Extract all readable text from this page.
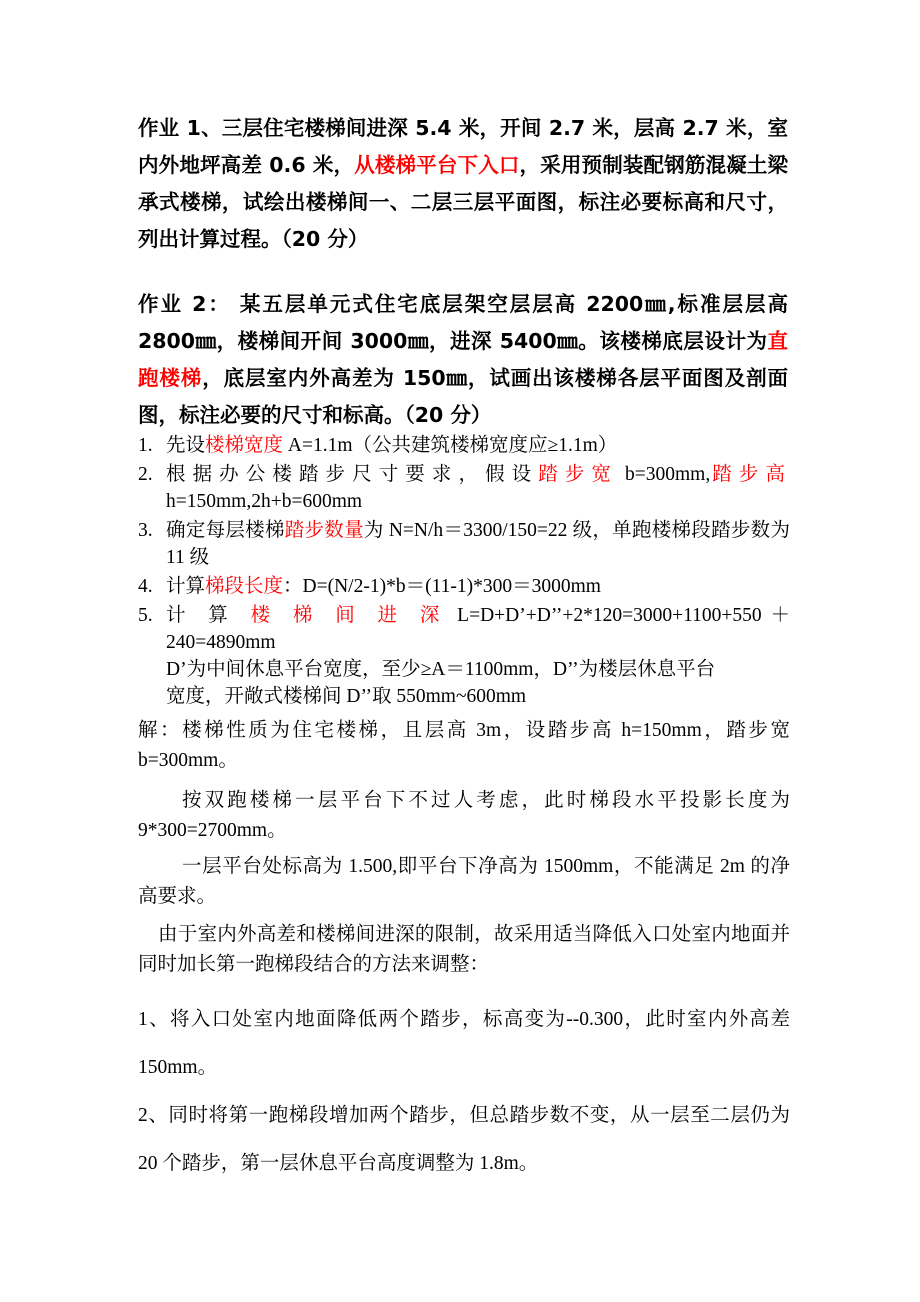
作业 1、三层住宅楼梯间进深 5.4 米，开间 2.7 米，层高 2.7 米，室内外地坪高差 0.6 米，从楼梯平台下入口，采用预制装配钢筋混凝土梁承式楼梯，试绘出楼梯间一、二层三层平面图，标注必要标高和尺寸，列出计算过程。（20 分）
作业 2： 某五层单元式住宅底层架空层层高 2200㎜,标准层层高 2800㎜，楼梯间开间 3000㎜，进深 5400㎜。该楼梯底层设计为直跑楼梯，底层室内外高差为 150㎜，试画出该楼梯各层平面图及剖面图，标注必要的尺寸和标高。（20 分）
1. 先设楼梯宽度 A=1.1m（公共建筑楼梯宽度应≥1.1m）
2. 根据办公楼踏步尺寸要求，假设踏步宽 b=300mm,踏步高 h=150mm,2h+b=600mm
3. 确定每层楼梯踏步数量为 N=N/h＝3300/150=22 级，单跑楼梯段踏步数为 11 级
4. 计算梯段长度：D=(N/2-1)*b＝(11-1)*300＝3000mm
5. 计 算 楼 梯 间 进 深 L=D+D’+D’’+2*120=3000+1100+550 ＋240=4890mm

D’为中间休息平台宽度，至少≥A＝1100mm，D’’为楼层休息平台

宽度，开敞式楼梯间 D’’取 550mm~600mm

解：楼梯性质为住宅楼梯，且层高 3m，设踏步高 h=150mm，踏步宽 b=300mm。

按双跑楼梯一层平台下不过人考虑，此时梯段水平投影长度为 9*300=2700mm。

一层平台处标高为 1.500,即平台下净高为 1500mm，不能满足 2m 的净高要求。

由于室内外高差和楼梯间进深的限制，故采用适当降低入口处室内地面并同时加长第一跑梯段结合的方法来调整：

1、将入口处室内地面降低两个踏步，标高变为--0.300，此时室内外高差 150mm。

2、同时将第一跑梯段增加两个踏步，但总踏步数不变，从一层至二层仍为 20 个踏步，第一层休息平台高度调整为 1.8m。
